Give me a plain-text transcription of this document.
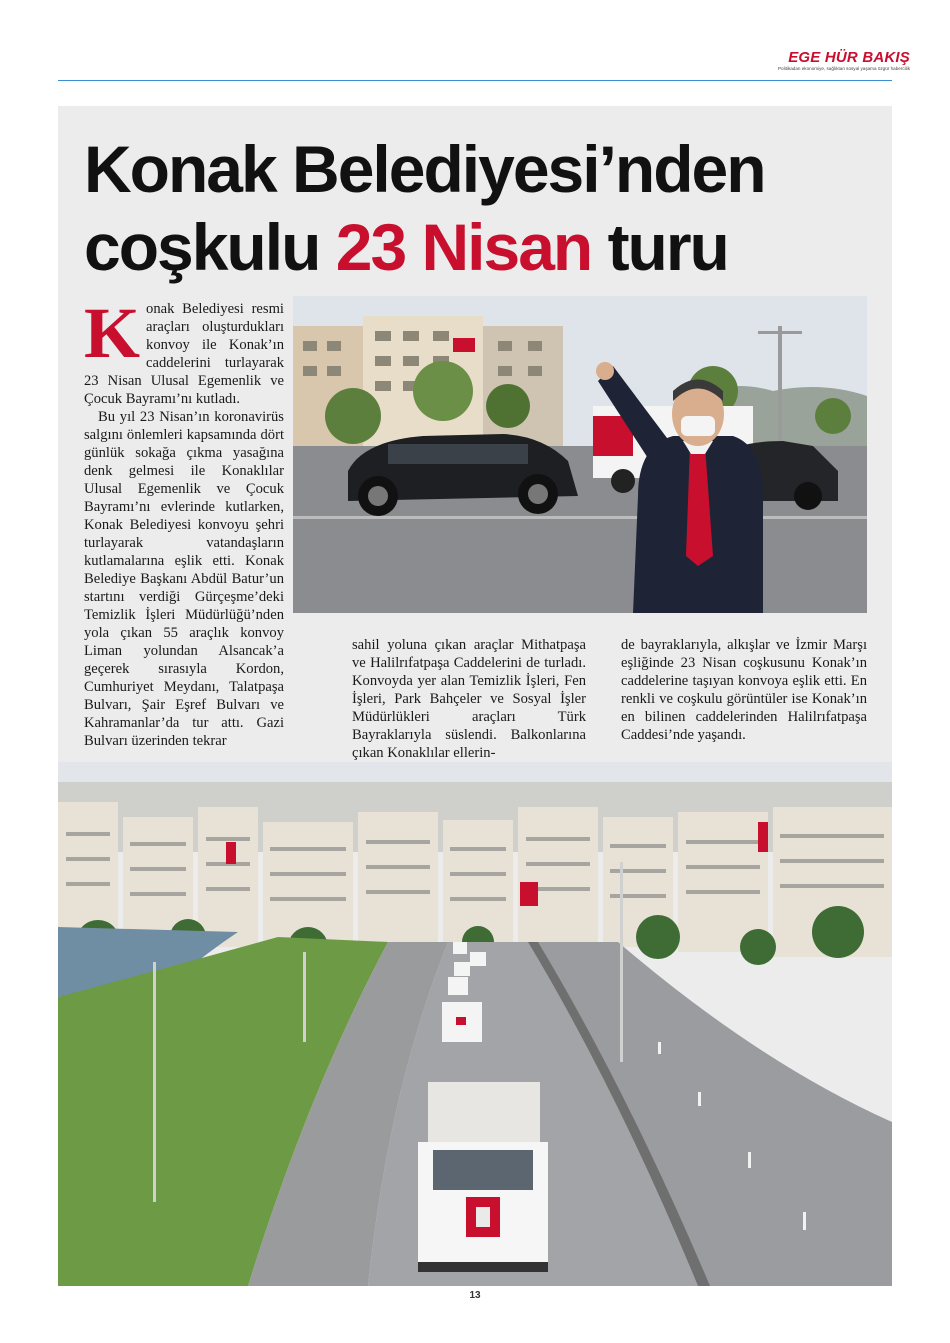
EGE HÜR BAKIŞ
Politikadan ekonomiye, sağlıktan sosyal yaşama özgür habercilik
Konak Belediyesi’nden
coşkulu 23 Nisan turu

Konak Belediyesi resmi araçları oluşturdukları konvoy ile Konak’ın caddelerini turlayarak 23 Nisan Ulusal Egemenlik ve Çocuk Bayramı’nı kutladı.

Bu yıl 23 Nisan’ın koronavirüs salgını önlemleri kapsamında dört günlük sokağa çıkma yasağına denk gelmesi ile Konaklılar Ulusal Egemenlik ve Çocuk Bayramı’nı evlerinde kutlarken, Konak Belediyesi konvoyu şehri turlayarak vatandaşların kutlamalarına eşlik etti. Konak Belediye Başkanı Abdül Batur’un startını verdiği Gürçeşme’deki Temizlik İşleri Müdürlüğü’nden yola çıkan 55 araçlık konvoy Liman yolundan Alsancak’a geçerek sırasıyla Kordon, Cumhuriyet Meydanı, Talatpaşa Bulvarı, Şair Eşref Bulvarı ve Kahramanlar’da tur attı. Gazi Bulvarı üzerinden tekrar

sahil yoluna çıkan araçlar Mithatpaşa ve Halilrıfatpaşa Caddelerini de turladı. Konvoyda yer alan Temizlik İşleri, Fen İşleri, Park Bahçeler ve Sosyal İşler Müdürlükleri araçları Türk Bayraklarıyla süslendi. Balkonlarına çıkan Konaklılar ellerin-

de bayraklarıyla, alkışlar ve İzmir Marşı eşliğinde 23 Nisan coşkusunu Konak’ın caddelerine taşıyan konvoya eşlik etti. En renkli ve coşkulu görüntüler ise Konak’ın en bilinen caddelerinden Halilrıfatpaşa Caddesi’nde yaşandı.

13
